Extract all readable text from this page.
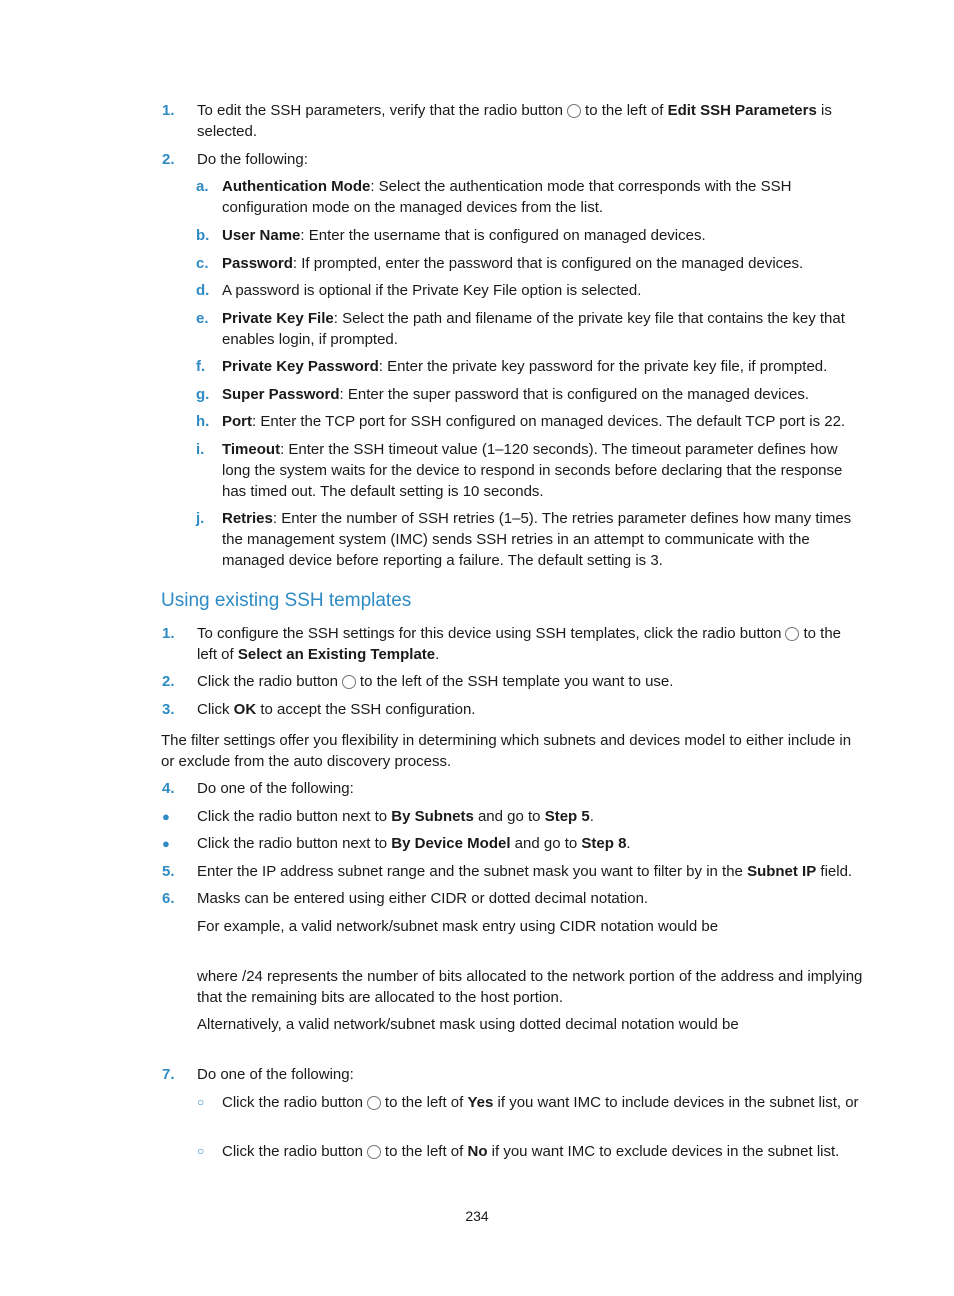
1. To edit the SSH parameters, verify that the radio button to the left of Edit SSH Parameters is selected.
2. Do the following:
a. Authentication Mode: Select the authentication mode that corresponds with the SSH configuration mode on the managed devices from the list.
b. User Name: Enter the username that is configured on managed devices.
c. Password: If prompted, enter the password that is configured on the managed devices.
d. A password is optional if the Private Key File option is selected.
e. Private Key File: Select the path and filename of the private key file that contains the key that enables login, if prompted.
f. Private Key Password: Enter the private key password for the private key file, if prompted.
g. Super Password: Enter the super password that is configured on the managed devices.
h. Port: Enter the TCP port for SSH configured on managed devices. The default TCP port is 22.
i. Timeout: Enter the SSH timeout value (1–120 seconds). The timeout parameter defines how long the system waits for the device to respond in seconds before declaring that the response has timed out. The default setting is 10 seconds.
j. Retries: Enter the number of SSH retries (1–5). The retries parameter defines how many times the management system (IMC) sends SSH retries in an attempt to communicate with the managed device before reporting a failure. The default setting is 3.
Using existing SSH templates
1. To configure the SSH settings for this device using SSH templates, click the radio button to the left of Select an Existing Template.
2. Click the radio button to the left of the SSH template you want to use.
3. Click OK to accept the SSH configuration.
The filter settings offer you flexibility in determining which subnets and devices model to either include in or exclude from the auto discovery process.
4. Do one of the following:
● Click the radio button next to By Subnets and go to Step 5.
● Click the radio button next to By Device Model and go to Step 8.
5. Enter the IP address subnet range and the subnet mask you want to filter by in the Subnet IP field.
6. Masks can be entered using either CIDR or dotted decimal notation.
For example, a valid network/subnet mask entry using CIDR notation would be
where /24 represents the number of bits allocated to the network portion of the address and implying that the remaining bits are allocated to the host portion.
Alternatively, a valid network/subnet mask using dotted decimal notation would be
7. Do one of the following:
○ Click the radio button to the left of Yes if you want IMC to include devices in the subnet list, or
○ Click the radio button to the left of No if you want IMC to exclude devices in the subnet list.
234
